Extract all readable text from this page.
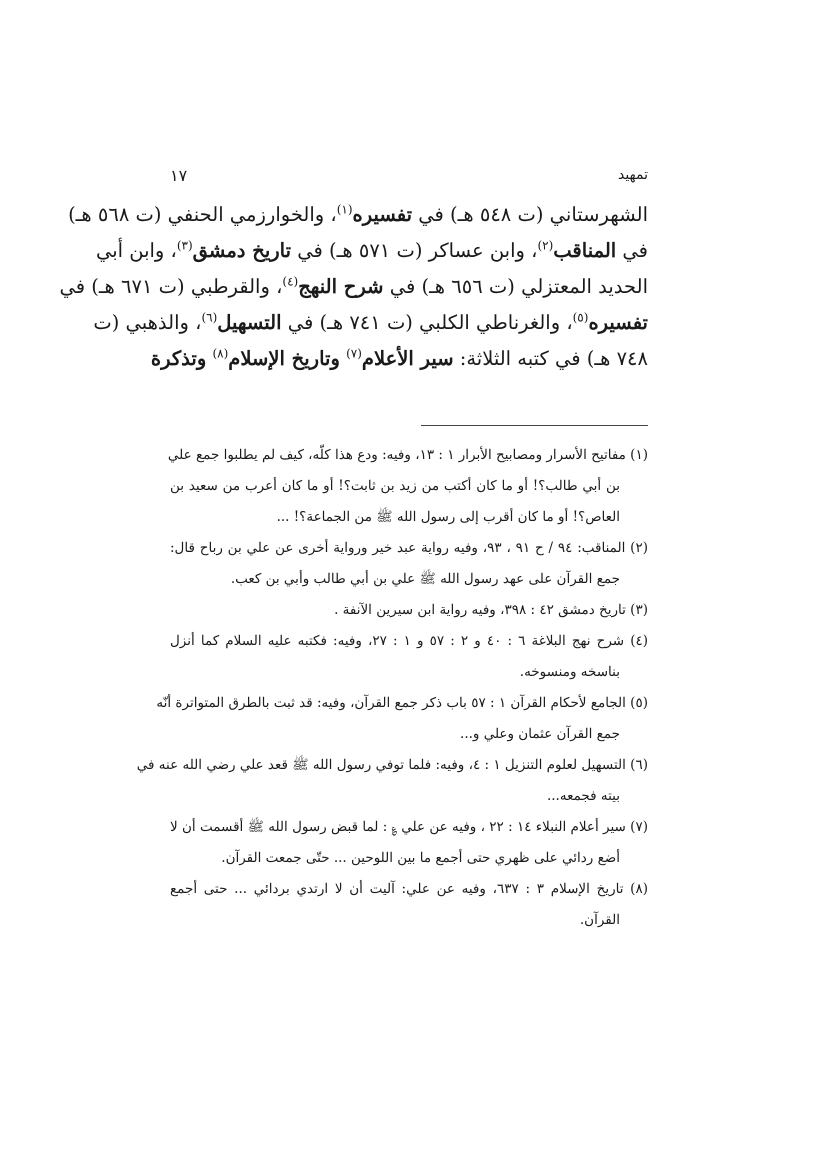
تمهيد
١٧
الشهرستاني (ت ٥٤٨ هـ) في تفسيره$^{(١)}$، والخوارزمي الحنفي (ت ٥٦٨ هـ)
في المناقب$^{(٢)}$، وابن عساكر (ت ٥٧١ هـ) في تاريخ دمشق$^{(٣)}$، وابن أبي
الحديد المعتزلي (ت ٦٥٦ هـ) في شرح النهج$^{(٤)}$، والقرطبي (ت ٦٧١ هـ) في
تفسيره$^{(٥)}$، والغرناطي الكلبي (ت ٧٤١ هـ) في التسهيل$^{(٦)}$، والذهبي (ت
٧٤٨ هـ) في كتبه الثلاثة: سير الأعلام$^{(٧)}$ وتاريخ الإسلام$^{(٨)}$ وتذكرة
(١) مفاتيح الأسرار ومصابيح الأبرار ١ : ١٣، وفيه: ودع هذا كلّه، كيف لم يطلبوا جمع علي
بن أبي طالب؟! أو ما كان أكتب من زيد بن ثابت؟! أو ما كان أعرب من سعيد بن
العاص؟! أو ما كان أقرب إلى رسول الله ﷺ من الجماعة؟! ...
(٢) المناقب: ٩٤ / ح ٩١ ، ٩٣، وفيه رواية عبد خير ورواية أخرى عن علي بن رباح قال:
جمع القرآن على عهد رسول الله ﷺ علي بن أبي طالب وأبي بن كعب.
(٣) تاريخ دمشق ٤٢ : ٣٩٨، وفيه رواية ابن سيرين الآنفة .
(٤) شرح نهج البلاغة ٦ : ٤٠ و ٢ : ٥٧ و ١ : ٢٧، وفيه: فكتبه عليه السلام كما أنزل
بناسخه ومنسوخه.
(٥) الجامع لأحكام القرآن ١ : ٥٧ باب ذكر جمع القرآن، وفيه: قد ثبت بالطرق المتواترة أنّه
جمع القرآن عثمان وعلي و...
(٦) التسهيل لعلوم التنزيل ١ : ٤، وفيه: فلما توفي رسول الله ﷺ قعد علي رضي الله عنه في
بيته فجمعه...
(٧) سير أعلام النبلاء ١٤ : ٢٢ ، وفيه عن علي ؏ : لما قبض رسول الله ﷺ أقسمت أن لا
أضع ردائي على ظهري حتى أجمع ما بين اللوحين ... حتّى جمعت القرآن.
(٨) تاريخ الإسلام ٣ : ٦٣٧، وفيه عن علي: آليت أن لا ارتدي بردائي ... حتى أجمع
القرآن.
